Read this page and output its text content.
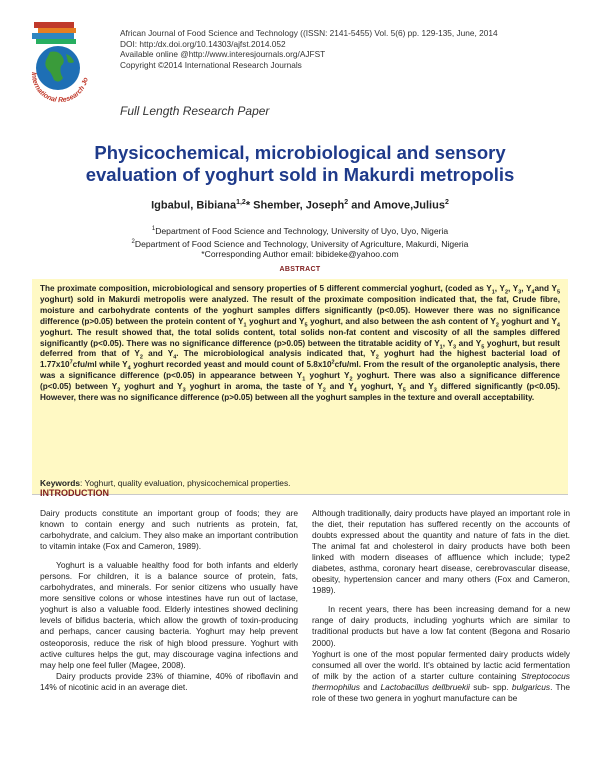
International Research Jo
African Journal of Food Science and Technology ((ISSN: 2141-5455) Vol. 5(6) pp. 129-135, June, 2014
DOI: http:/dx.doi.org/10.14303/ajfst.2014.052
Available online @http://www.interesjournals.org/AJFST
Copyright ©2014 International Research Journals
Full Length Research Paper
Physicochemical, microbiological and sensory
evaluation of yoghurt sold in Makurdi metropolis
Igbabul, Bibiana$^{1,2}$* Shember, Joseph$^2$ and Amove,Julius$^2$
$^1$Department of Food Science and Technology, University of Uyo, Uyo, Nigeria
$^2$Department of Food Science and Technology, University of Agriculture, Makurdi, Nigeria
*Corresponding Author email: bibideke@yahoo.com
ABSTRACT
The proximate composition, microbiological and sensory properties of 5 different commercial yoghurt, (coded as $Y_1$, $Y_2$, $Y_3$, $Y_4and$ $Y_5$ yoghurt) sold in Makurdi metropolis were analyzed. The result of the proximate composition indicated that, the fat, Crude fibre, moisture and carbohydrate contents of the yoghurt samples differs significantly (p<0.05). However there was no significance difference (p>0.05) between the protein content of $Y_1$ yoghurt and $Y_5$ yoghurt, and also between the ash content of $Y_2$ yoghurt and $Y_4$ yoghurt. The result showed that, the total solids content, total solids non-fat content and viscosity of all the samples differed significantly (p<0.05). There was no significance difference (p>0.05) between the titratable acidity of $Y_1$, $Y_3$ and $Y_5$ yoghurt, but result deferred from that of $Y_2$ and $Y_4$. The microbiological analysis indicated that, $Y_2$ yoghurt had the highest bacterial load of $1.77x10^7cfu/ml$ while $Y_4$ yoghurt recorded yeast and mould count of $5.8x10^2cfu/ml$. From the result of the organoleptic analysis, there was a significance difference (p<0.05) in appearance between $Y_1$ yoghurt $Y_2$ yoghurt. There was also a significance difference (p<0.05) between $Y_2$ yoghurt and $Y_3$ yoghurt in aroma, the taste of $Y_2$ and $Y_4$ yoghurt, $Y_5$ and $Y_3$ differed significantly (p<0.05). However, there was no significance difference (p>0.05) between all the yoghurt samples in the texture and overall acceptability.
Keywords: Yoghurt, quality evaluation, physicochemical properties.
INTRODUCTION

Dairy products constitute an important group of foods; they are known to contain energy and such nutrients as protein, fat, carbohydrate, and calcium. They also make an important contribution to vitamin intake (Fox and Cameron, 1989).

Yoghurt is a valuable healthy food for both infants and elderly persons. For children, it is a balance source of protein, fats, carbohydrates, and minerals. For senior citizens who usually have more sensitive colons or whose intestines have run out of lactase, yoghurt is also a valuable food. Elderly intestines showed declining levels of bifidus bacteria, which allow the growth of toxin-producing and perhaps, cancer causing bacteria. Yoghurt may help prevent osteoporosis, reduce the risk of high blood pressure. Yoghurt with active cultures helps the gut, may discourage vagina infections and may help one feel fuller (Magee, 2008).

Dairy products provide 23% of thiamine, 40% of riboflavin and 14% of nicotinic acid in an average diet.

Although traditionally, dairy products have played an important role in the diet, their reputation has suffered recently on the accounts of doubts expressed about the quantity and nature of fats in the diet. The animal fat and cholesterol in dairy products have both been linked with modern diseases of affluence which include; type2 diabetes, asthma, coronary heart disease, cerebrovascular disease, obesity, hypertension cancer and many others (Fox and Cameron, 1989).

In recent years, there has been increasing demand for a new range of dairy products, including yoghurts which are similar to traditional products but have a low fat content (Begona and Rosario 2000).

Yoghurt is one of the most popular fermented dairy products widely consumed all over the world. It's obtained by lactic acid fermentation of milk by the action of a starter culture containing Streptococus thermophilus and Lactobacillus dellbruekii sub- spp. bulgaricus. The role of these two genera in yoghurt manufacture can be
